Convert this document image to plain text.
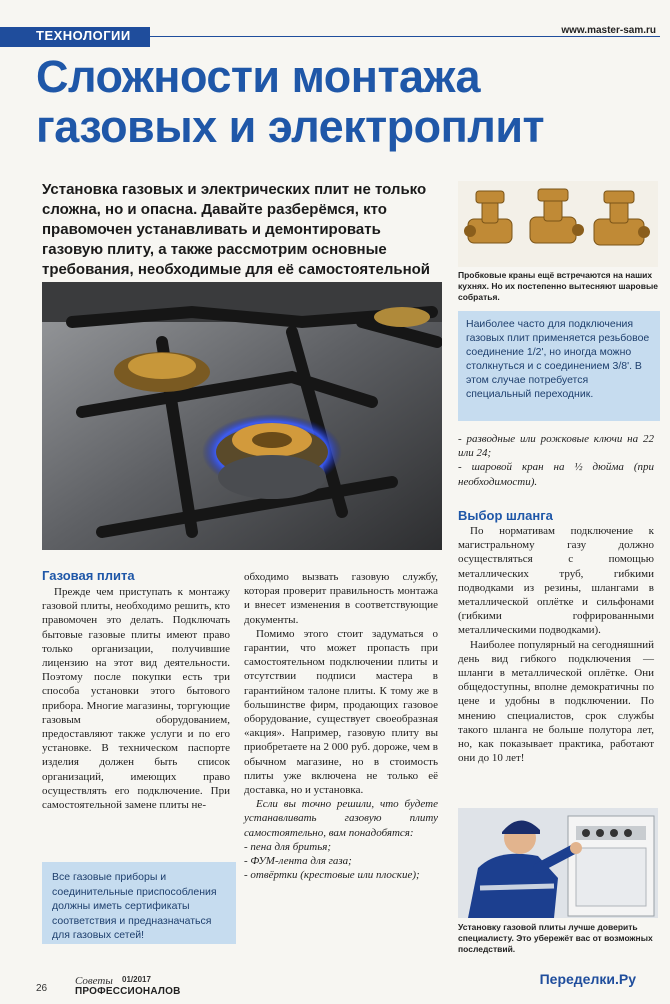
ТЕХНОЛОГИИ	www.master-sam.ru
Сложности монтажа газовых и электроплит
Установка газовых и электрических плит не только сложна, но и опасна. Давайте разберёмся, кто правомочен устанавливать и демонтировать газовую плиту, а также рассмотрим основные требования, необходимые для её самостоятельной	Пробковые краны ещё встречаются на наших кухнях. Но их постепенно вытесняют шаровые собратья.
Наиболее часто для подключения газовых плит применяется резьбовое соединение 1/2', но иногда можно столкнуться и с соединением 3/8'. В этом случае потребуется специальный переходник.
Газовая плита

Прежде чем приступать к монтажу газовой плиты, необходимо решить, кто правомочен это делать. Подключать бытовые газовые плиты имеют право только организации, получившие лицензию на этот вид деятельности. Поэтому после покупки есть три способа установки этого бытового прибора. Многие магазины, торгующие газовым оборудованием, предоставляют также услуги и по его установке. В техническом паспорте изделия должен быть список организаций, имеющих право осуществлять его подключение. При самостоятельной замене плиты не-

Все газовые приборы и соединительные приспособления должны иметь сертификаты соответствия и предназначаться для газовых сетей!

обходимо вызвать газовую службу, которая проверит правильность монтажа и внесет изменения в соответствующие документы.

Помимо этого стоит задуматься о гарантии, что может пропасть при самостоятельном подключении плиты и отсутствии подписи мастера в гарантийном талоне плиты. К тому же в большинстве фирм, продающих газовое оборудование, существует своеобразная «акция». Например, газовую плиту вы приобретаете на 2 000 руб. дороже, чем в обычном магазине, но в стоимость плиты уже включена не только её доставка, но и установка.

Если вы точно решили, что будете устанавливать газовую плиту самостоятельно, вам понадобятся:

- пена для бритья;

- ФУМ-лента для газа;

- отвёртки (крестовые или плоские);

- разводные или рожковые ключи на 22 или 24;

- шаровой кран на ½ дюйма (при необходимости).

Выбор шланга

По нормативам подключение к магистральному газу должно осуществляться с помощью металлических труб, гибкими подводками из резины, шлангами в металлической оплётке и сильфонами (гибкими гофрированными металлическими подводками).

Наиболее популярный на сегодняшний день вид гибкого подключения — шланги в металлической оплётке. Они общедоступны, вполне демократичны по цене и удобны в подключении. По мнению специалистов, срок службы такого шланга не больше полутора лет, но, как показывает практика, работают они до 10 лет!

Установку газовой плиты лучше доверить специалисту. Это убережёт вас от возможных последствий.
26
Советы 01/2017
ПРОФЕССИОНАЛОВ
Переделки.Ру
